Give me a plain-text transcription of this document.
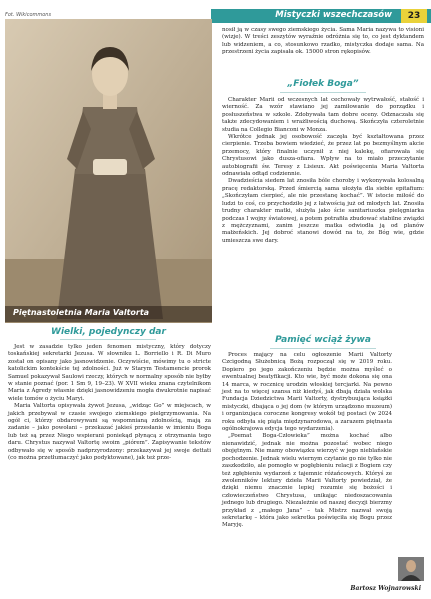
Mistyczki wszechczasów	23
Fot. Wikicommons
Piętnastoletnia Maria Valtorta
Wielki, pojedynczy dar

Jest w zasadzie tylko jeden fenomen mistyczny, który dotyczy toskańskiej sekretarki Jezusa. W słowniku L. Borriello i R. Di Muro został on opisany jako jasnowidzenie. Oczywiście, mówimy tu o stricte katolickim kontekście tej zdolności. Już w Starym Testamencie prorok Samuel pokazywał Saulowi rzeczy, których w normalny sposób nie byłby w stanie poznać (por. 1 Sm 9, 19–23). W XVII wieku znana czytelnikom Maria z Ágredy własnie dzięki jasnowidzeniu mogła dwukrotnie napisać wiele tomów o życiu Maryi.

Maria Valtorta opisywała żywot Jezusa, „widząc Go” w miejscach, w jakich przebywał w czasie swojego ziemskiego pielgrzymowania. Na ogół ci, którzy obdarowywani są wspomnianą zdolnością, mają za zadanie – jako powołani – przekazać jakieś przesłanie w imieniu Boga lub też są przez Niego wspierani poniekąd płynącą z otrzymania tego daru. Chrystus nazywał Valtortę swoim „piórem”. Zapisywanie tekstów odbywało się w sposób nadprzyrodzony: przekazywał jej swoje dettati (co można przetłumaczyć jako podyktowane), jak też prze-

nosił ją w czasy swego ziemskiego życia. Sama Maria nazywa to visioni (wizje). W treści zeszytów wyraźnie odróżnia się to, co jest dyktandem lub widzeniem, a co, stosunkowo rzadko, mistyczka dodaje sama. Na przestrzeni życia zapisała ok. 15000 stron rękopisów.

„Fiołek Boga”

Charakter Marii od wczesnych lat cechowały wytrwałość, stałość i wierność. Za wzór stawiano jej zamiłowanie do porządku i posłuszeństwa w szkole. Zdobywała tam dobre oceny. Odznaczała się także zdecydowaniem i wrażliwością duchową. Skończyła czteroletnie studia na Collegio Bianconi w Monza.

Wkrótce jednak jej osobowość zaczęła być kształtowana przez cierpienie. Trzeba bowiem wiedzieć, że przez lat po bezmyślnym akcie przemocy, który finalnie uczynił z niej kalekę, ofiarowała się Chrystusowi jako dusza-ofiara. Wpływ na to miało przeczytanie autobiografii św. Teresy z Lisieux. Akt poświęcenia Maria Valtorta odnawiała odtąd codziennie.

Dwadzieścia siedem lat znosiła bóle choroby i wykonywała kolosalną pracę redaktorską. Przed śmiercią sama ułożyła dla siebie epitafium: „Skończyłam cierpieć, ale nie przestanę kochać”. W istocie miłość do ludzi to coś, co przychodziło jej z łatwością już od młodych lat. Znosiła trudny charakter matki, służyła jako ście sanitariuszka pielęgniarka podczas I wojny światowej, a potem potrafiła zbudować stabilne związki z mężczyznami, zanim jeszcze matka odwiodła ją od planów małżeńskich. Jej dobroć stanowi dowód na to, że Bóg wie, gdzie umieszcza swe dary.

Pamięć wciąż żywa

Proces mający na celu ogłoszenie Marii Valtorty Czcigodną Służebnicą Bożą rozpoczął się w 2019 roku. Dopiero po jego zakończeniu będzie można myśleć o ewentualnej beatyfikacji. Kto wie, być może dokona się ona 14 marca, w rocznicę urodzin włoskiej tercjarki. Na pewno jest na to więcej szansa niż kiedyś, jak dbają działa wolska Fundacja Dziedzictwa Marii Valtorty, dystrybuująca książki mistyczki, dbająca o jej dom (w którym urządzono muzeum) i organizująca coroczne kongresy wokół tej postaci (w 2024 roku odbyła się piąta międzynarodowa, a zarazem piętnasta ogólnokrajowa edycja tego wydarzenia).

„Poemat Boga-Człowieka” można kochać albo nienawidzić, jednak nie można pozostać wobec niego obojętnym. Nie mamy obowiązku wierzyć w jego nieblańskie pochodzenie. Jednak wielu wiernym czytanie go nie tylko nie zaszkodziło, ale pomogło w pogłębieniu relacji z Bogiem czy też zgłębieniu wydarzeń z tajemnic różańcowych. Któryś ze zwolenników lektury dzieła Marii Valtorty powiedział, że dzięki niemu znacznie lepiej rozumie się bożości i człowieczeństwo Chrystusa, unikając niedoszacowania jednego lub drugiego. Niezależnie od naszej decyzji bierzmy przykład z „małego Jana” – tak Mistrz nazwał swoją sekretarkę – która jako sekretka poświęciła się Bogu przez Maryję.

Bartosz Wojnarowski
